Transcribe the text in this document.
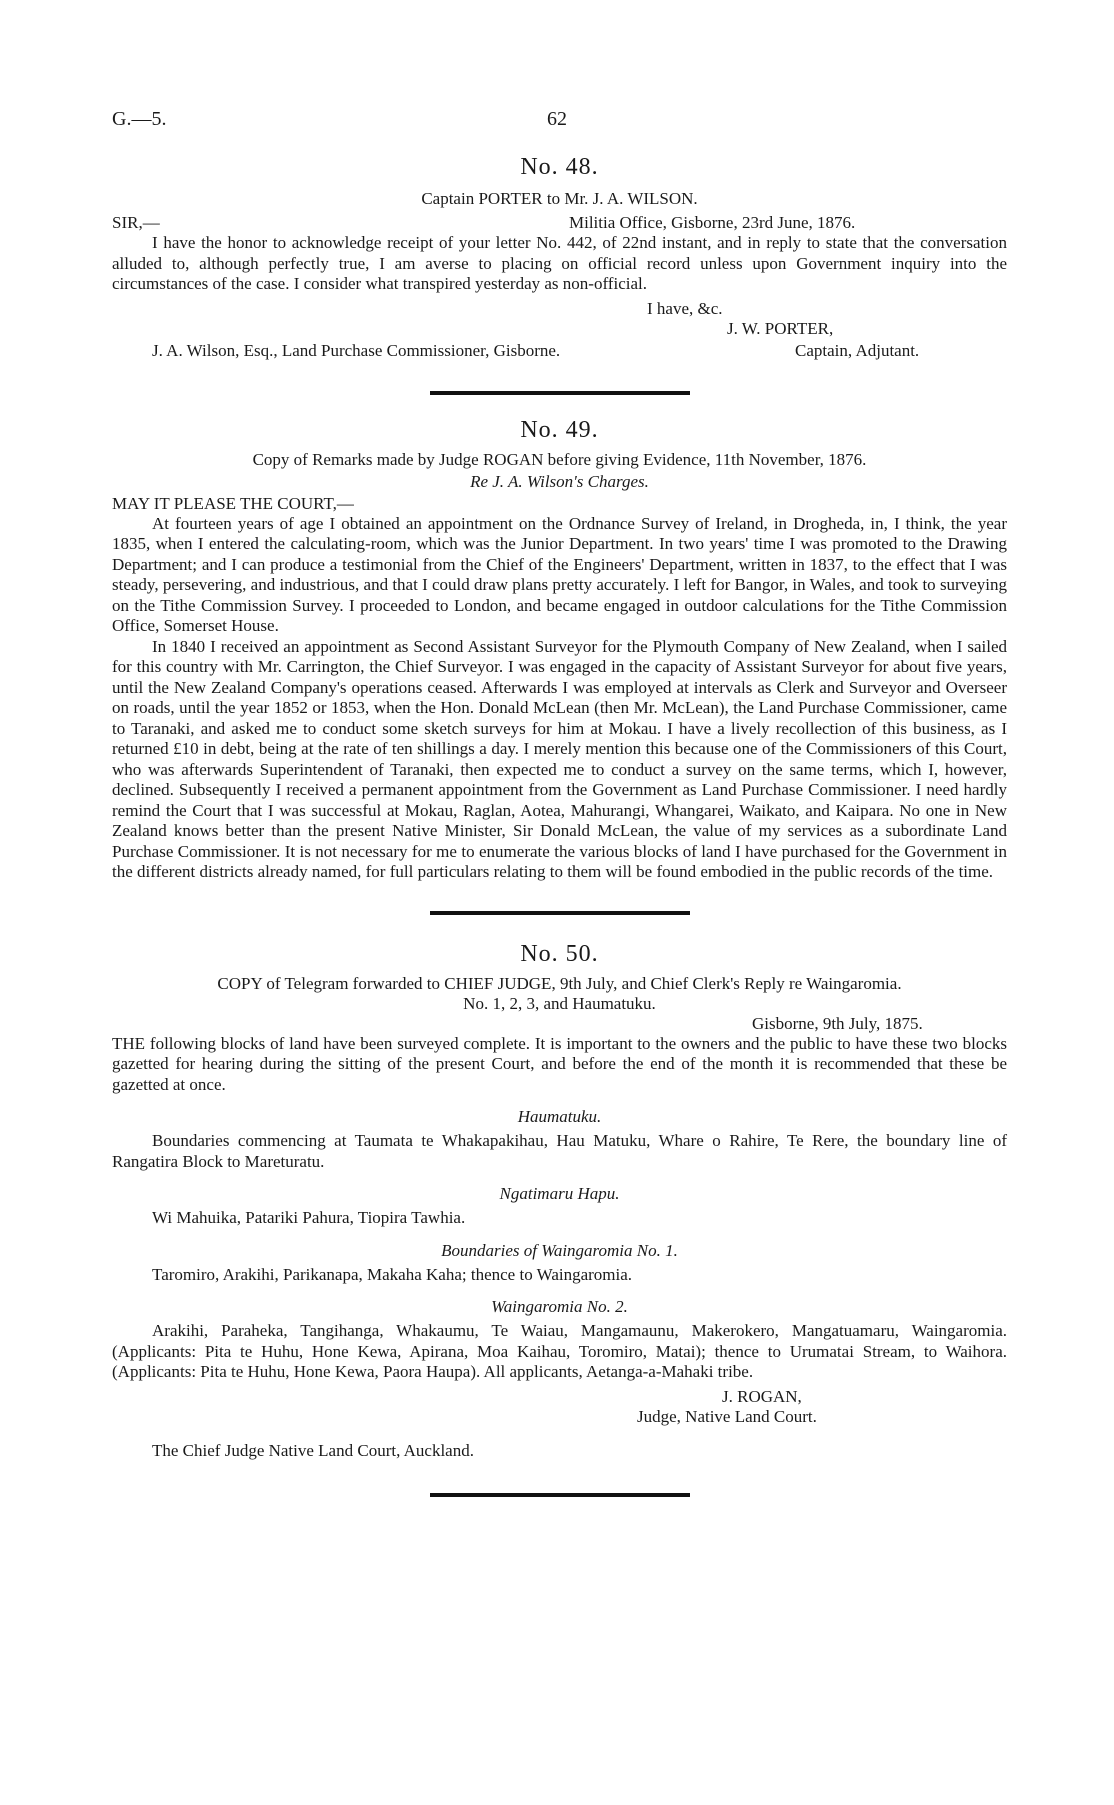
G.—5.	62
No. 48.
Captain PORTER to Mr. J. A. WILSON.
SIR,—	Militia Office, Gisborne, 23rd June, 1876.

I have the honor to acknowledge receipt of your letter No. 442, of 22nd instant, and in reply to state that the conversation alluded to, although perfectly true, I am averse to placing on official record unless upon Government inquiry into the circumstances of the case. I consider what transpired yesterday as non-official.

I have, &c.
J. W. PORTER,
J. A. Wilson, Esq., Land Purchase Commissioner, Gisborne.	Captain, Adjutant.
No. 49.
Copy of Remarks made by Judge ROGAN before giving Evidence, 11th November, 1876.
Re J. A. Wilson's Charges.
MAY IT PLEASE THE COURT,—

At fourteen years of age I obtained an appointment on the Ordnance Survey of Ireland, in Drogheda, in, I think, the year 1835, when I entered the calculating-room, which was the Junior Department. In two years' time I was promoted to the Drawing Department; and I can produce a testimonial from the Chief of the Engineers' Department, written in 1837, to the effect that I was steady, persevering, and industrious, and that I could draw plans pretty accurately. I left for Bangor, in Wales, and took to surveying on the Tithe Commission Survey. I proceeded to London, and became engaged in outdoor calculations for the Tithe Commission Office, Somerset House.

In 1840 I received an appointment as Second Assistant Surveyor for the Plymouth Company of New Zealand, when I sailed for this country with Mr. Carrington, the Chief Surveyor. I was engaged in the capacity of Assistant Surveyor for about five years, until the New Zealand Company's operations ceased. Afterwards I was employed at intervals as Clerk and Surveyor and Overseer on roads, until the year 1852 or 1853, when the Hon. Donald McLean (then Mr. McLean), the Land Purchase Commissioner, came to Taranaki, and asked me to conduct some sketch surveys for him at Mokau. I have a lively recollection of this business, as I returned £10 in debt, being at the rate of ten shillings a day. I merely mention this because one of the Commissioners of this Court, who was afterwards Superintendent of Taranaki, then expected me to conduct a survey on the same terms, which I, however, declined. Subsequently I received a permanent appointment from the Government as Land Purchase Commissioner. I need hardly remind the Court that I was successful at Mokau, Raglan, Aotea, Mahurangi, Whangarei, Waikato, and Kaipara. No one in New Zealand knows better than the present Native Minister, Sir Donald McLean, the value of my services as a subordinate Land Purchase Commissioner. It is not necessary for me to enumerate the various blocks of land I have purchased for the Government in the different districts already named, for full particulars relating to them will be found embodied in the public records of the time.

No. 50.
COPY of Telegram forwarded to CHIEF JUDGE, 9th July, and Chief Clerk's Reply re Waingaromia.
No. 1, 2, 3, and Haumatuku.
Gisborne, 9th July, 1875.

THE following blocks of land have been surveyed complete. It is important to the owners and the public to have these two blocks gazetted for hearing during the sitting of the present Court, and before the end of the month it is recommended that these be gazetted at once.

Haumatuku.

Boundaries commencing at Taumata te Whakapakihau, Hau Matuku, Whare o Rahire, Te Rere, the boundary line of Rangatira Block to Mareturatu.

Ngatimaru Hapu.

Wi Mahuika, Patariki Pahura, Tiopira Tawhia.

Boundaries of Waingaromia No. 1.

Taromiro, Arakihi, Parikanapa, Makaha Kaha; thence to Waingaromia.

Waingaromia No. 2.

Arakihi, Paraheka, Tangihanga, Whakaumu, Te Waiau, Mangamaunu, Makerokero, Mangatuamaru, Waingaromia. (Applicants: Pita te Huhu, Hone Kewa, Apirana, Moa Kaihau, Toromiro, Matai); thence to Urumatai Stream, to Waihora. (Applicants: Pita te Huhu, Hone Kewa, Paora Haupa). All applicants, Aetanga-a-Mahaki tribe.

J. ROGAN,
Judge, Native Land Court.
The Chief Judge Native Land Court, Auckland.
